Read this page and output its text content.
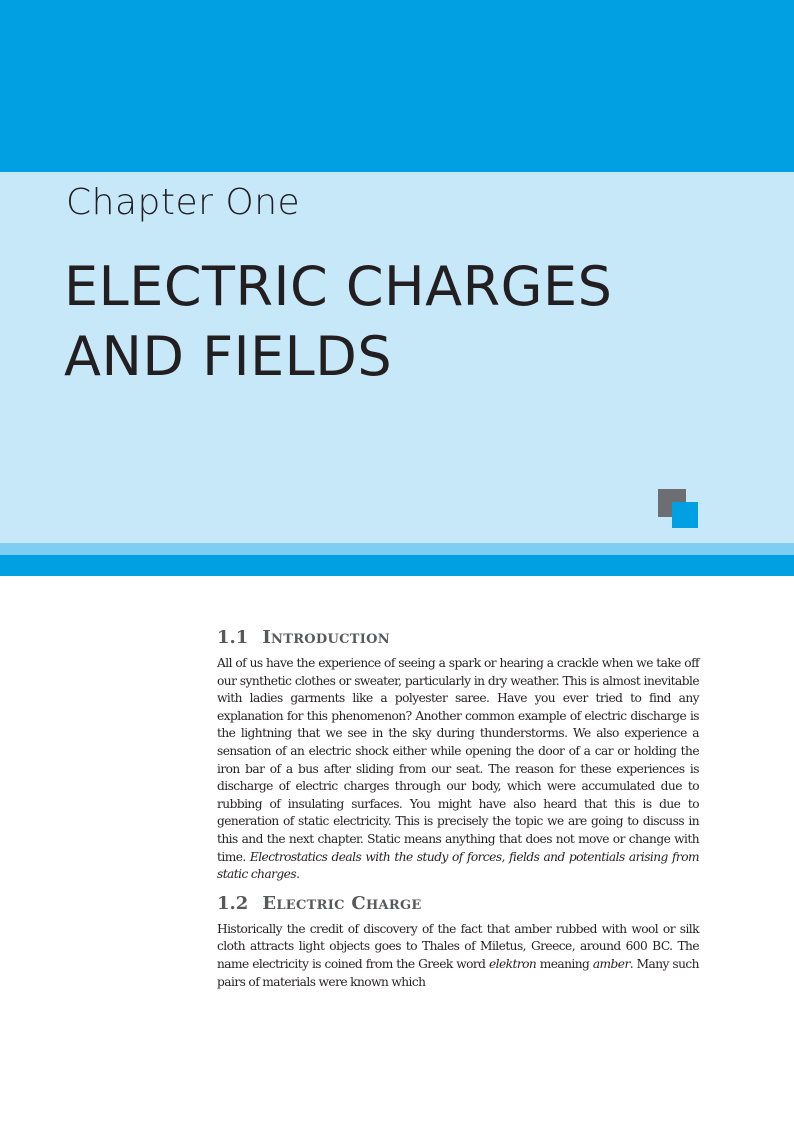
Chapter One
ELECTRIC CHARGES
AND FIELDS
1.1 Introduction

All of us have the experience of seeing a spark or hearing a crackle when we take off our synthetic clothes or sweater, particularly in dry weather. This is almost inevitable with ladies garments like a polyester saree. Have you ever tried to find any explanation for this phenomenon? Another common example of electric discharge is the lightning that we see in the sky during thunderstorms. We also experience a sensation of an electric shock either while opening the door of a car or holding the iron bar of a bus after sliding from our seat. The reason for these experiences is discharge of electric charges through our body, which were accumulated due to rubbing of insulating surfaces. You might have also heard that this is due to generation of static electricity. This is precisely the topic we are going to discuss in this and the next chapter. Static means anything that does not move or change with time. Electrostatics deals with the study of forces, fields and potentials arising from static charges.

1.2 Electric Charge

Historically the credit of discovery of the fact that amber rubbed with wool or silk cloth attracts light objects goes to Thales of Miletus, Greece, around 600 BC. The name electricity is coined from the Greek word elektron meaning amber. Many such pairs of materials were known which
